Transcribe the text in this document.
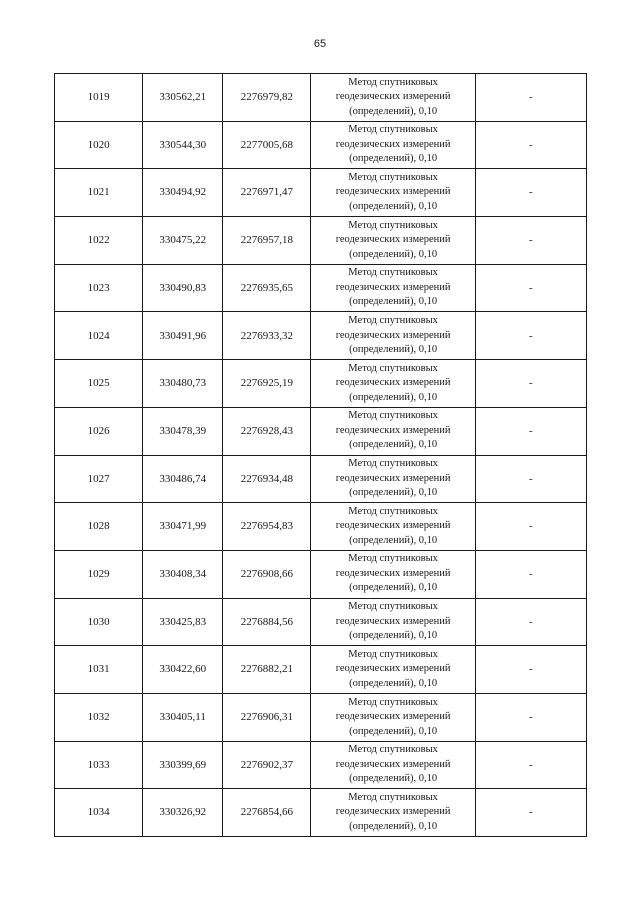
65
1019	330562,21	2276979,82	Метод спутниковых
геодезических измерений
(определений), 0,10	-
1020	330544,30	2277005,68	Метод спутниковых
геодезических измерений
(определений), 0,10	-
1021	330494,92	2276971,47	Метод спутниковых
геодезических измерений
(определений), 0,10	-
1022	330475,22	2276957,18	Метод спутниковых
геодезических измерений
(определений), 0,10	-
1023	330490,83	2276935,65	Метод спутниковых
геодезических измерений
(определений), 0,10	-
1024	330491,96	2276933,32	Метод спутниковых
геодезических измерений
(определений), 0,10	-
1025	330480,73	2276925,19	Метод спутниковых
геодезических измерений
(определений), 0,10	-
1026	330478,39	2276928,43	Метод спутниковых
геодезических измерений
(определений), 0,10	-
1027	330486,74	2276934,48	Метод спутниковых
геодезических измерений
(определений), 0,10	-
1028	330471,99	2276954,83	Метод спутниковых
геодезических измерений
(определений), 0,10	-
1029	330408,34	2276908,66	Метод спутниковых
геодезических измерений
(определений), 0,10	-
1030	330425,83	2276884,56	Метод спутниковых
геодезических измерений
(определений), 0,10	-
1031	330422,60	2276882,21	Метод спутниковых
геодезических измерений
(определений), 0,10	-
1032	330405,11	2276906,31	Метод спутниковых
геодезических измерений
(определений), 0,10	-
1033	330399,69	2276902,37	Метод спутниковых
геодезических измерений
(определений), 0,10	-
1034	330326,92	2276854,66	Метод спутниковых
геодезических измерений
(определений), 0,10	-
